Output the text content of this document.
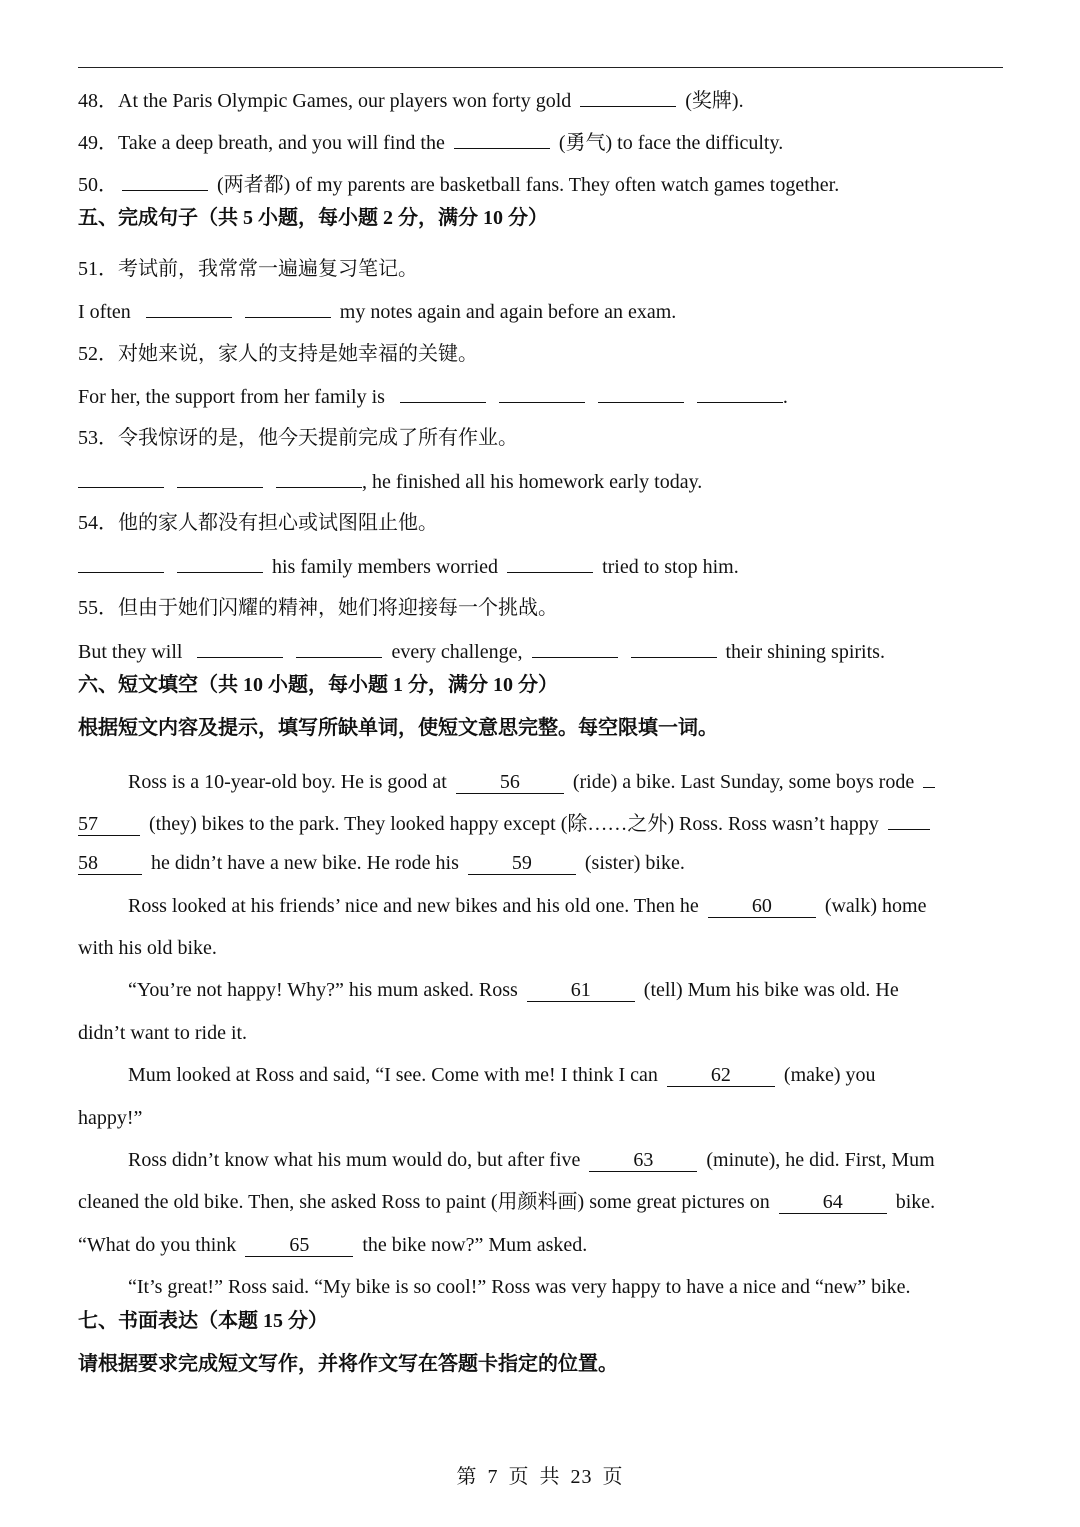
48．At the Paris Olympic Games, our players won forty gold	(奖牌).
49．Take a deep breath, and you will find the	(勇气) to face the difficulty.
50．	(两者都) of my parents are basketball fans. They often watch games together.
五、完成句子（共 5 小题，每小题 2 分，满分 10 分）
51．考试前，我常常一遍遍复习笔记。
I often	my notes again and again before an exam.
52．对她来说，家人的支持是她幸福的关键。
For her, the support from her family is	.
53．令我惊讶的是，他今天提前完成了所有作业。
, he finished all his homework early today.
54．他的家人都没有担心或试图阻止他。
his family members worried	tried to stop him.
55．但由于她们闪耀的精神，她们将迎接每一个挑战。
But they will	every challenge,	their shining spirits.
六、短文填空（共 10 小题，每小题 1 分，满分 10 分）
根据短文内容及提示，填写所缺单词，使短文意思完整。每空限填一词。
Ross is a 10-year-old boy. He is good at	56	(ride) a bike. Last Sunday, some boys rode
57	(they) bikes to the park. They looked happy except (除……之外) Ross. Ross wasn’t happy
58	he didn’t have a new bike. He rode his	59	(sister) bike.
Ross looked at his friends’ nice and new bikes and his old one. Then he	60	(walk) home
with his old bike.
“You’re not happy! Why?” his mum asked. Ross	61	(tell) Mum his bike was old. He
didn’t want to ride it.
Mum looked at Ross and said, “I see. Come with me! I think I can	62	(make) you
happy!”
Ross didn’t know what his mum would do, but after five	63	(minute), he did. First, Mum
cleaned the old bike. Then, she asked Ross to paint (用颜料画) some great pictures on	64	bike.
“What do you think	65	the bike now?” Mum asked.
“It’s great!” Ross said. “My bike is so cool!” Ross was very happy to have a nice and “new” bike.
七、书面表达（本题 15 分）
请根据要求完成短文写作，并将作文写在答题卡指定的位置。
第 7 页 共 23 页
